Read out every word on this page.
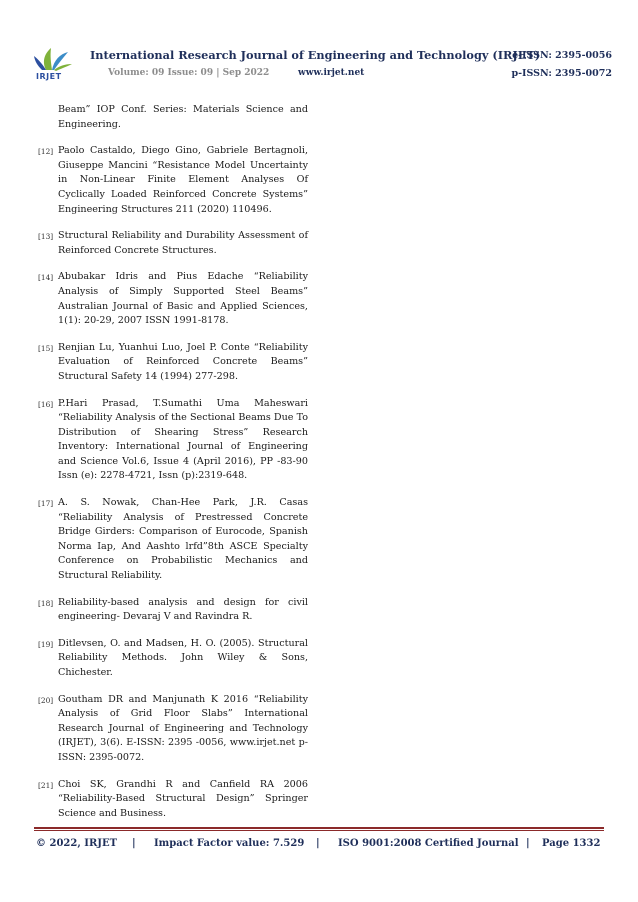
IRJET
International Research Journal of Engineering and Technology (IRJET)
e-ISSN: 2395-0056
Volume: 09 Issue: 09 | Sep 2022	www.irjet.net	p-ISSN: 2395-0072
Beam” IOP Conf. Series: Materials Science and Engineering.
[12] Paolo Castaldo, Diego Gino, Gabriele Bertagnoli, Giuseppe Mancini “Resistance Model Uncertainty in Non-Linear Finite Element Analyses Of Cyclically Loaded Reinforced Concrete Systems” Engineering Structures 211 (2020) 110496.
[13] Structural Reliability and Durability Assessment of Reinforced Concrete Structures.
[14] Abubakar Idris and Pius Edache “Reliability Analysis of Simply Supported Steel Beams” Australian Journal of Basic and Applied Sciences, 1(1): 20-29, 2007 ISSN 1991-8178.
[15] Renjian Lu, Yuanhui Luo, Joel P. Conte “Reliability Evaluation of Reinforced Concrete Beams” Structural Safety 14 (1994) 277-298.
[16] P.Hari Prasad, T.Sumathi Uma Maheswari “Reliability Analysis of the Sectional Beams Due To Distribution of Shearing Stress” Research Inventory: International Journal of Engineering and Science Vol.6, Issue 4 (April 2016), PP -83-90 Issn (e): 2278-4721, Issn (p):2319-648.
[17] A. S. Nowak, Chan-Hee Park, J.R. Casas “Reliability Analysis of Prestressed Concrete Bridge Girders: Comparison of Eurocode, Spanish Norma Iap, And Aashto lrfd”8th ASCE Specialty Conference on Probabilistic Mechanics and Structural Reliability.
[18] Reliability-based analysis and design for civil engineering- Devaraj V and Ravindra R.
[19] Ditlevsen, O. and Madsen, H. O. (2005). Structural Reliability Methods. John Wiley & Sons, Chichester.
[20] Goutham DR and Manjunath K 2016 “Reliability Analysis of Grid Floor Slabs” International Research Journal of Engineering and Technology (IRJET), 3(6). E-ISSN: 2395 -0056, www.irjet.net p-ISSN: 2395-0072.
[21] Choi SK, Grandhi R and Canfield RA 2006 “Reliability-Based Structural Design” Springer Science and Business.
© 2022, IRJET | Impact Factor value: 7.529 | ISO 9001:2008 Certified Journal | Page 1332
